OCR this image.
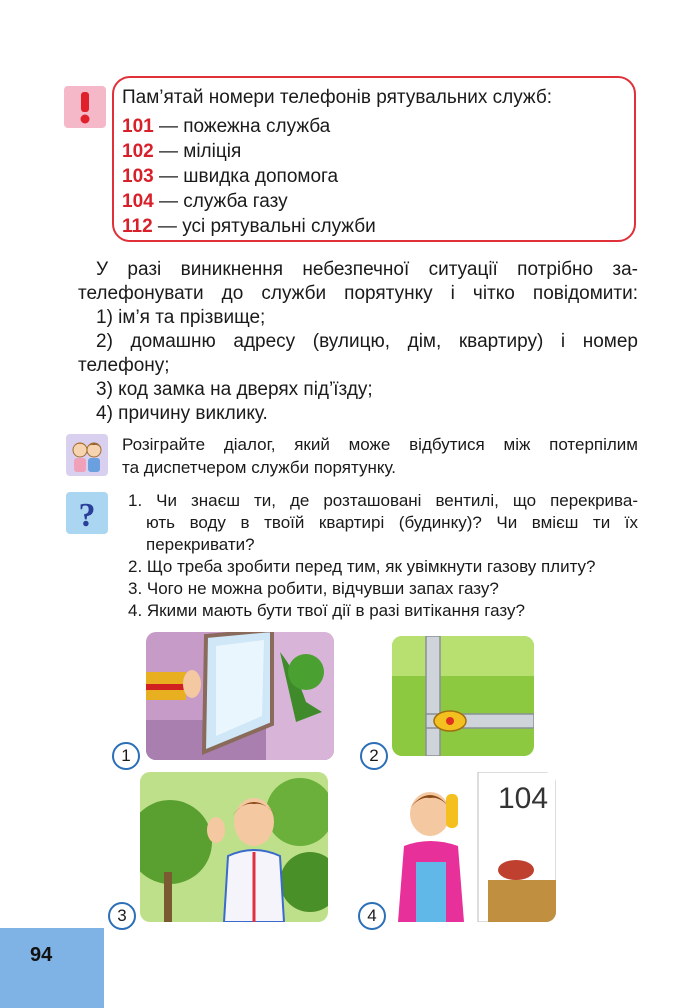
Пам’ятай номери телефонів рятувальних служб:
101 — пожежна служба
102 — міліція
103 — швидка допомога
104 — служба газу
112 — усі рятувальні служби
У разі виникнення небезпечної ситуації потрібно за-
телефонувати до служби порятунку і чітко повідомити:
1) ім’я та прізвище;
2) домашню адресу (вулицю, дім, квартиру) і номер
телефону;
3) код замка на дверях під’їзду;
4) причину виклику.
Розіграйте діалог, який може відбутися між потерпілим
та диспетчером служби порятунку.
? 1. Чи знаєш ти, де розташовані вентилі, що перекрива-
ють воду в твоїй квартирі (будинку)? Чи вмієш ти їх
перекривати?
2. Що треба зробити перед тим, як увімкнути газову плиту?
3. Чого не можна робити, відчувши запах газу?
4. Якими мають бути твої дії в разі витікання газу?
1	2
3
104
4
94
